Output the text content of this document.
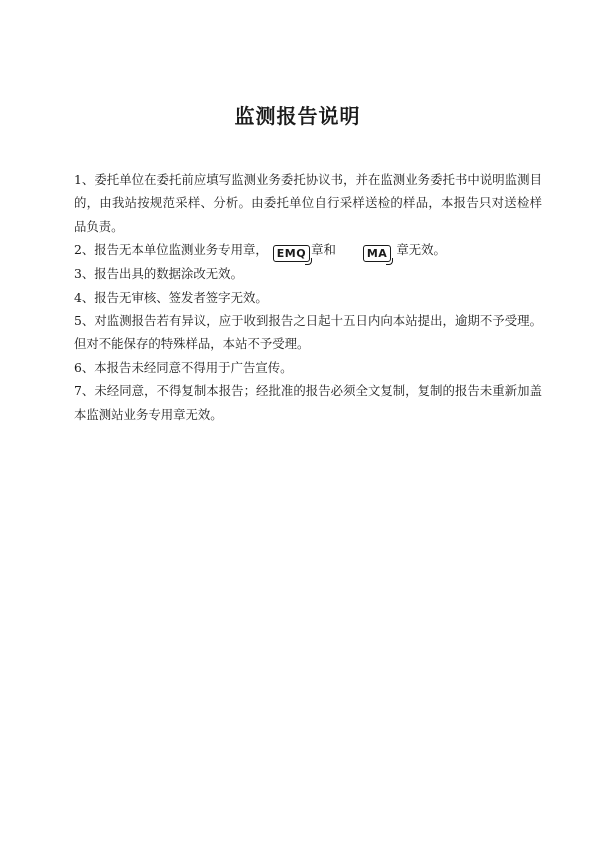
监测报告说明

1、委托单位在委托前应填写监测业务委托协议书，并在监测业务委托书中说明监测目的，由我站按规范采样、分析。由委托单位自行采样送检的样品，本报告只对送检样品负责。

2、报告无本单位监测业务专用章， EMQ 章和	MA 章无效。

3、报告出具的数据涂改无效。

4、报告无审核、签发者签字无效。

5、对监测报告若有异议，应于收到报告之日起十五日内向本站提出，逾期不予受理。但对不能保存的特殊样品，本站不予受理。

6、本报告未经同意不得用于广告宣传。

7、未经同意，不得复制本报告；经批准的报告必须全文复制，复制的报告未重新加盖本监测站业务专用章无效。
